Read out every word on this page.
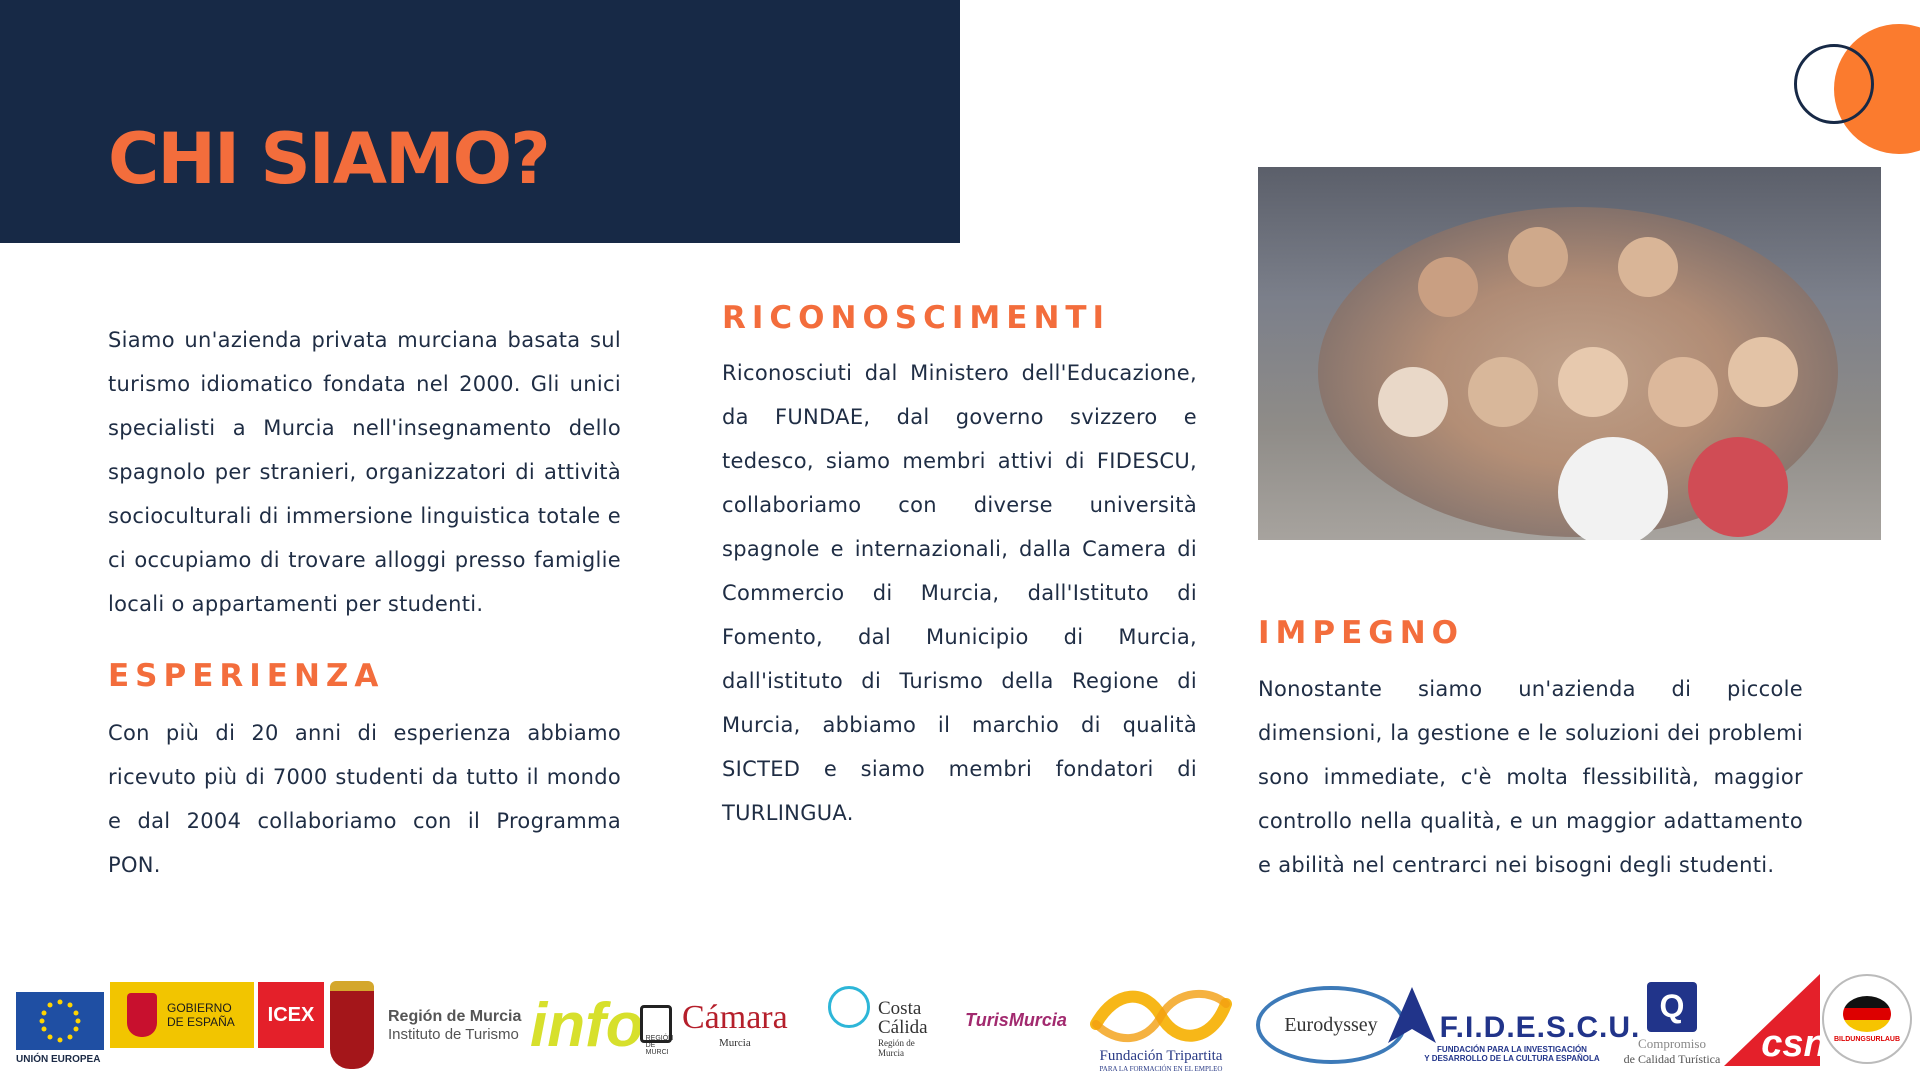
CHI SIAMO?

Siamo un'azienda privata murciana basata sul turismo idiomatico fondata nel 2000. Gli unici specialisti a Murcia nell'insegnamento dello spagnolo per stranieri, organizzatori di attività socioculturali di immersione linguistica totale e ci occupiamo di trovare alloggi presso famiglie locali o appartamenti per studenti.

ESPERIENZA

Con più di 20 anni di esperienza abbiamo ricevuto più di 7000 studenti da tutto il mondo e dal 2004 collaboriamo con il Programma PON.

RICONOSCIMENTI

Riconosciuti dal Ministero dell'Educazione, da FUNDAE, dal governo svizzero e tedesco, siamo membri attivi di FIDESCU, collaboriamo con diverse università spagnole e internazionali, dalla Camera di Commercio di Murcia, dall'Istituto di Fomento, dal Municipio di Murcia, dall'istituto di Turismo della Regione di Murcia, abbiamo il marchio di qualità SICTED e siamo membri fondatori di TURLINGUA.

IMPEGNO

Nonostante siamo un'azienda di piccole dimensioni, la gestione e le soluzioni dei problemi sono immediate, c'è molta flessibilità, maggior controllo nella qualità, e un maggior adattamento e abilità nel centrarci nei bisogni degli studenti.

UNIÓN EUROPEA
GOBIERNO DE ESPAÑA ICEX	Región de Murcia
Instituto de Turismo info REGIÓN DE MURCI
Cámara
Murcia
Costa
Cálida
Región de Murcia
TurisMurcia
Fundación Tripartita
PARA LA FORMACIÓN EN EL EMPLEO
Eurodyssey F.I.D.E.S.C.U.
FUNDACIÓN PARA LA INVESTIGACIÓN
Y DESARROLLO DE LA CULTURA ESPAÑOLA
Q
Compromiso
de Calidad Turística csn BILDUNGSURLAUB
